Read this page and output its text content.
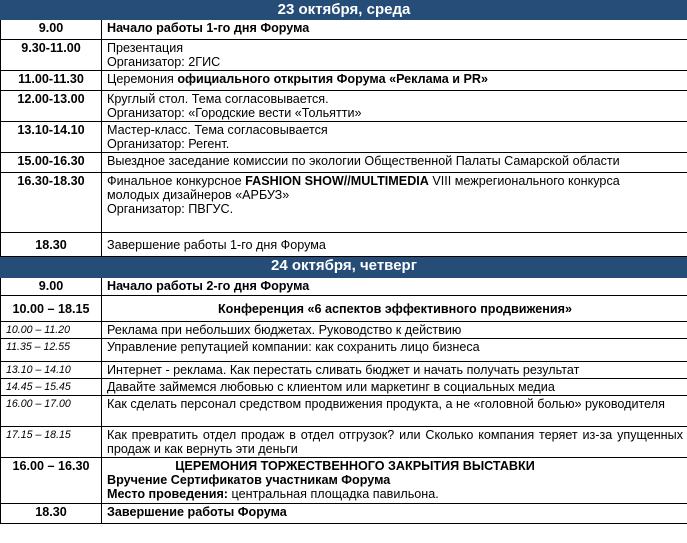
23 октября, среда	

9.00	Начало работы 1-го дня Форума
9.30-11.00	Презентация
Организатор: 2ГИС

11.00-11.30	Церемония официального открытия Форума «Реклама и PR»
12.00-13.00	Круглый стол. Тема согласовывается.
Организатор: «Городские вести «Тольятти»

13.10-14.10	Мастер-класс. Тема согласовывается
Организатор: Регент.

15.00-16.30	Выездное заседание комиссии по экологии Общественной Палаты Самарской области
16.30-18.30	Финальное конкурсное FASHION SHOW//MULTIMEDIA VIII межрегионального конкурса
молодых дизайнеров «АРБУЗ»
Организатор: ПВГУС.

18.30	Завершение работы 1-го дня Форума

24 октября, четверг	

9.00	Начало работы 2-го дня Форума
10.00 – 18.15	Конференция «6 аспектов эффективного продвижения»
10.00 – 11.20	Реклама при небольших бюджетах. Руководство к действию
11.35 – 12.55	Управление репутацией компании: как сохранить лицо бизнеса
13.10 – 14.10	Интернет - реклама. Как перестать сливать бюджет и начать получать результат
14.45 – 15.45	Давайте займемся любовью с клиентом или маркетинг в социальных медиа
16.00 – 17.00	Как сделать персонал средством продвижения продукта, а не «головной болью» руководителя
17.15 – 18.15	Как превратить отдел продаж в отдел отгрузок? или Сколько компания теряет из-за упущенных продаж и как вернуть эти деньги
16.00 – 16.30	ЦЕРЕМОНИЯ ТОРЖЕСТВЕННОГО ЗАКРЫТИЯ ВЫСТАВКИ
Вручение Сертификатов участникам Форума
Место проведения: центральная площадка павильона.

18.30	Завершение работы Форума
